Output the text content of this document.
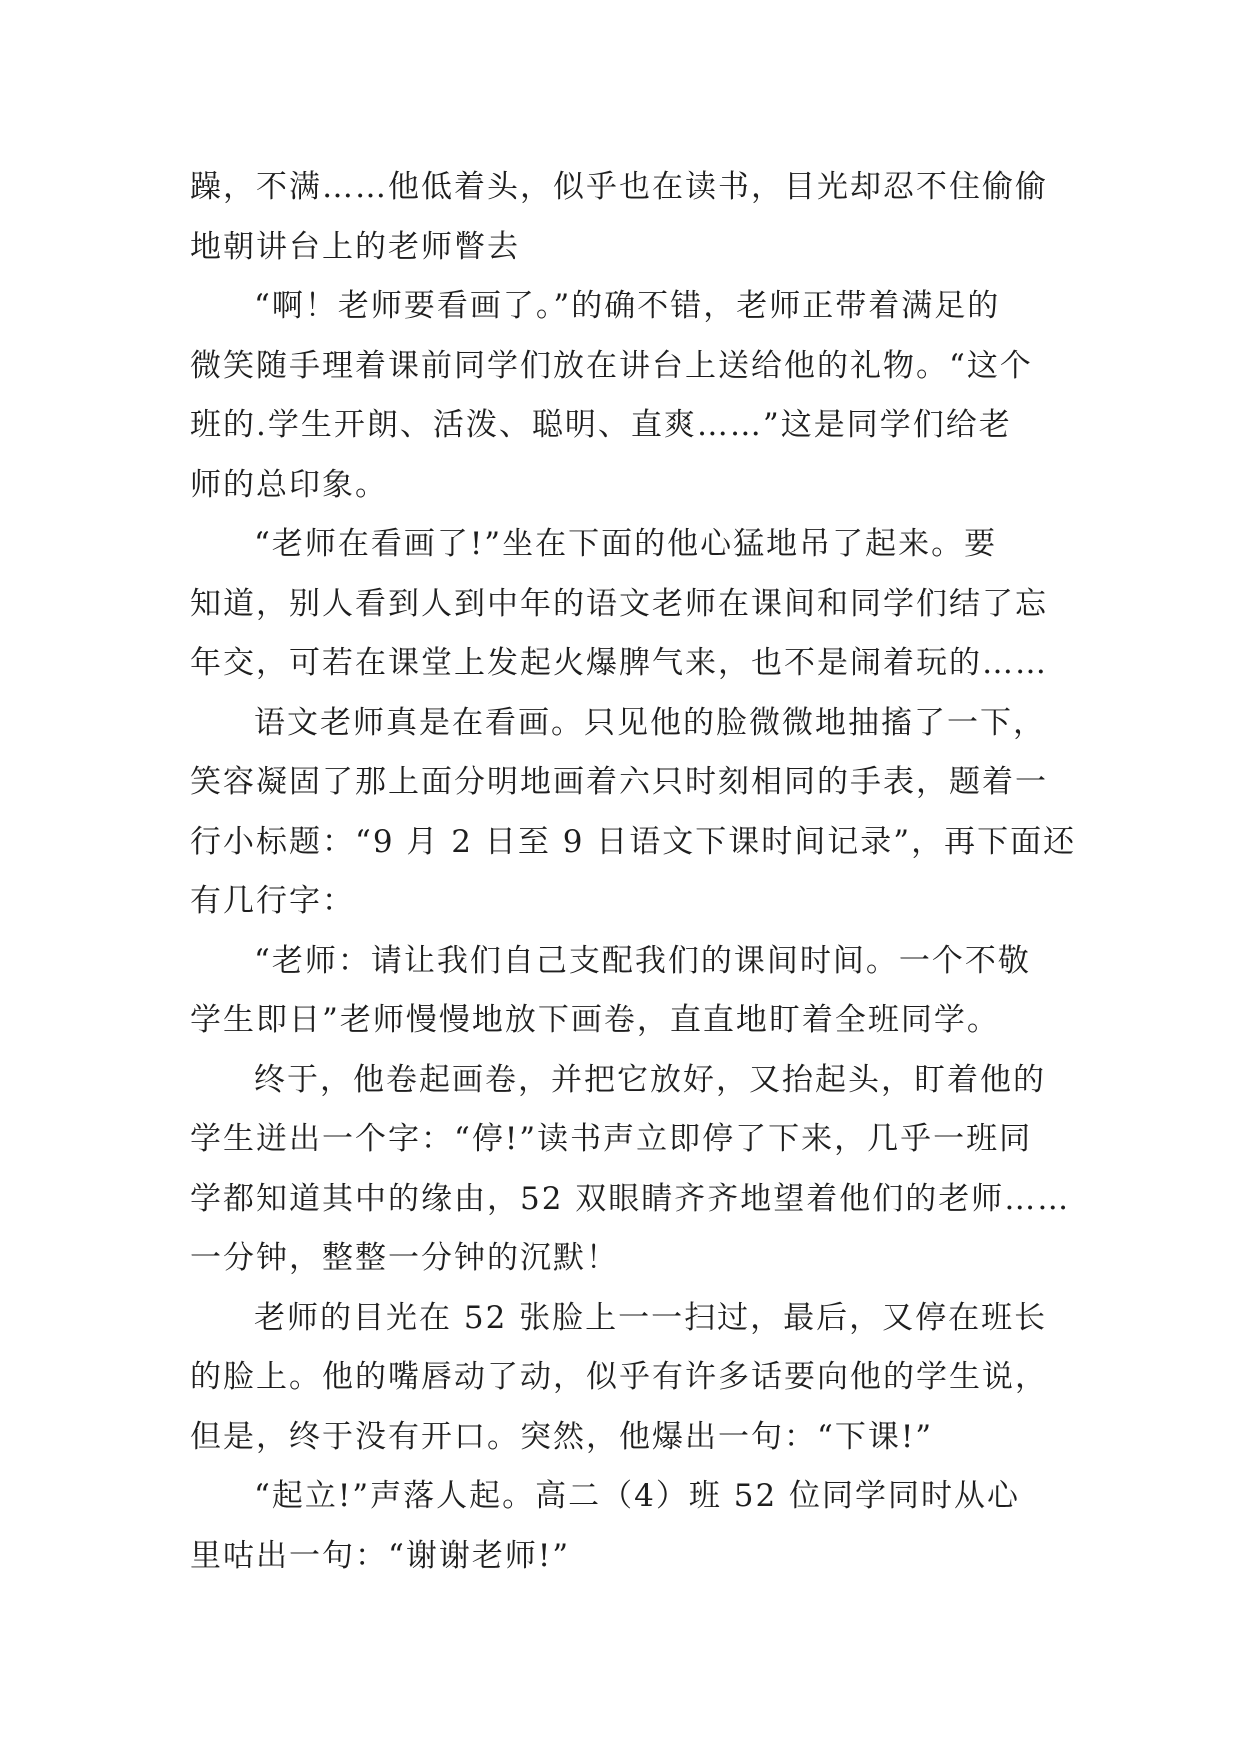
躁，不满……他低着头，似乎也在读书，目光却忍不住偷偷
地朝讲台上的老师瞥去
“啊！老师要看画了。”的确不错，老师正带着满足的
微笑随手理着课前同学们放在讲台上送给他的礼物。“这个
班的.学生开朗、活泼、聪明、直爽……”这是同学们给老
师的总印象。
“老师在看画了!”坐在下面的他心猛地吊了起来。要
知道，别人看到人到中年的语文老师在课间和同学们结了忘
年交，可若在课堂上发起火爆脾气来，也不是闹着玩的……
语文老师真是在看画。只见他的脸微微地抽搐了一下，
笑容凝固了那上面分明地画着六只时刻相同的手表，题着一
行小标题：“9 月 2 日至 9 日语文下课时间记录”，再下面还
有几行字：
“老师：请让我们自己支配我们的课间时间。一个不敬
学生即日”老师慢慢地放下画卷，直直地盯着全班同学。
终于，他卷起画卷，并把它放好，又抬起头，盯着他的
学生迸出一个字：“停!”读书声立即停了下来，几乎一班同
学都知道其中的缘由，52 双眼睛齐齐地望着他们的老师……
一分钟，整整一分钟的沉默！
老师的目光在 52 张脸上一一扫过，最后，又停在班长
的脸上。他的嘴唇动了动，似乎有许多话要向他的学生说，
但是，终于没有开口。突然，他爆出一句：“下课!”
“起立!”声落人起。高二（4）班 52 位同学同时从心
里咕出一句：“谢谢老师!”
